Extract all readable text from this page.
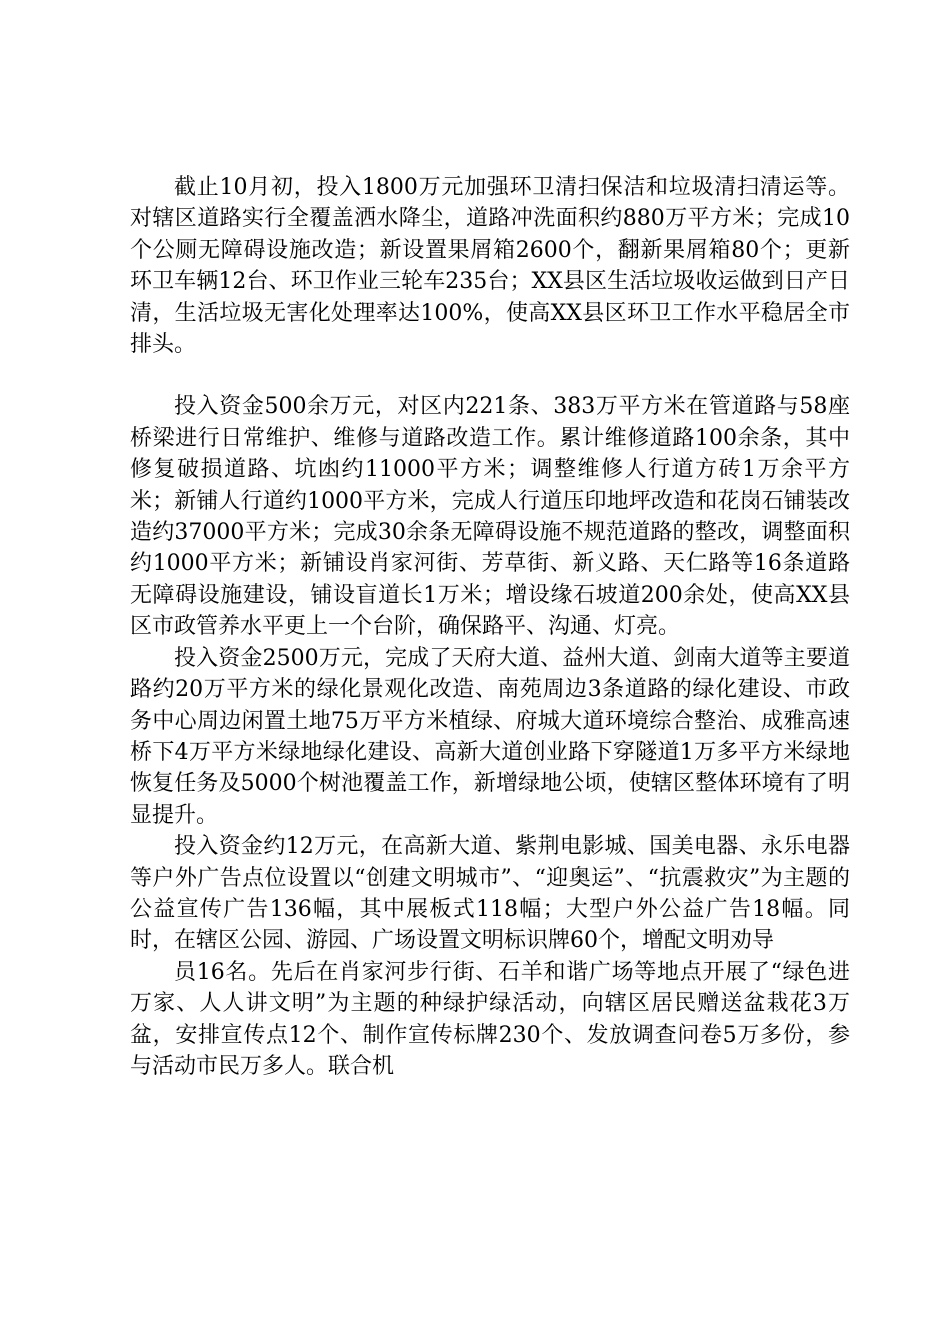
截止10月初，投入1800万元加强环卫清扫保洁和垃圾清扫清运等。对辖区道路实行全覆盖洒水降尘，道路冲洗面积约880万平方米；完成10个公厕无障碍设施改造；新设置果屑箱2600个，翻新果屑箱80个；更新环卫车辆12台、环卫作业三轮车235台；XX县区生活垃圾收运做到日产日清，生活垃圾无害化处理率达100%，使高XX县区环卫工作水平稳居全市排头。

投入资金500余万元，对区内221条、383万平方米在管道路与58座桥梁进行日常维护、维修与道路改造工作。累计维修道路100余条，其中修复破损道路、坑凼约11000平方米；调整维修人行道方砖1万余平方米；新铺人行道约1000平方米，完成人行道压印地坪改造和花岗石铺装改造约37000平方米；完成30余条无障碍设施不规范道路的整改，调整面积约1000平方米；新铺设肖家河街、芳草街、新义路、天仁路等16条道路无障碍设施建设，铺设盲道长1万米；增设缘石坡道200余处，使高XX县区市政管养水平更上一个台阶，确保路平、沟通、灯亮。

投入资金2500万元，完成了天府大道、益州大道、剑南大道等主要道路约20万平方米的绿化景观化改造、南苑周边3条道路的绿化建设、市政务中心周边闲置土地75万平方米植绿、府城大道环境综合整治、成雅高速桥下4万平方米绿地绿化建设、高新大道创业路下穿隧道1万多平方米绿地恢复任务及5000个树池覆盖工作，新增绿地公顷，使辖区整体环境有了明显提升。

投入资金约12万元，在高新大道、紫荆电影城、国美电器、永乐电器等户外广告点位设置以“创建文明城市”、“迎奥运”、“抗震救灾”为主题的公益宣传广告136幅，其中展板式118幅；大型户外公益广告18幅。同时，在辖区公园、游园、广场设置文明标识牌60个，增配文明劝导

员16名。先后在肖家河步行街、石羊和谐广场等地点开展了“绿色进万家、人人讲文明”为主题的种绿护绿活动，向辖区居民赠送盆栽花3万盆，安排宣传点12个、制作宣传标牌230个、发放调查问卷5万多份，参与活动市民万多人。联合机
